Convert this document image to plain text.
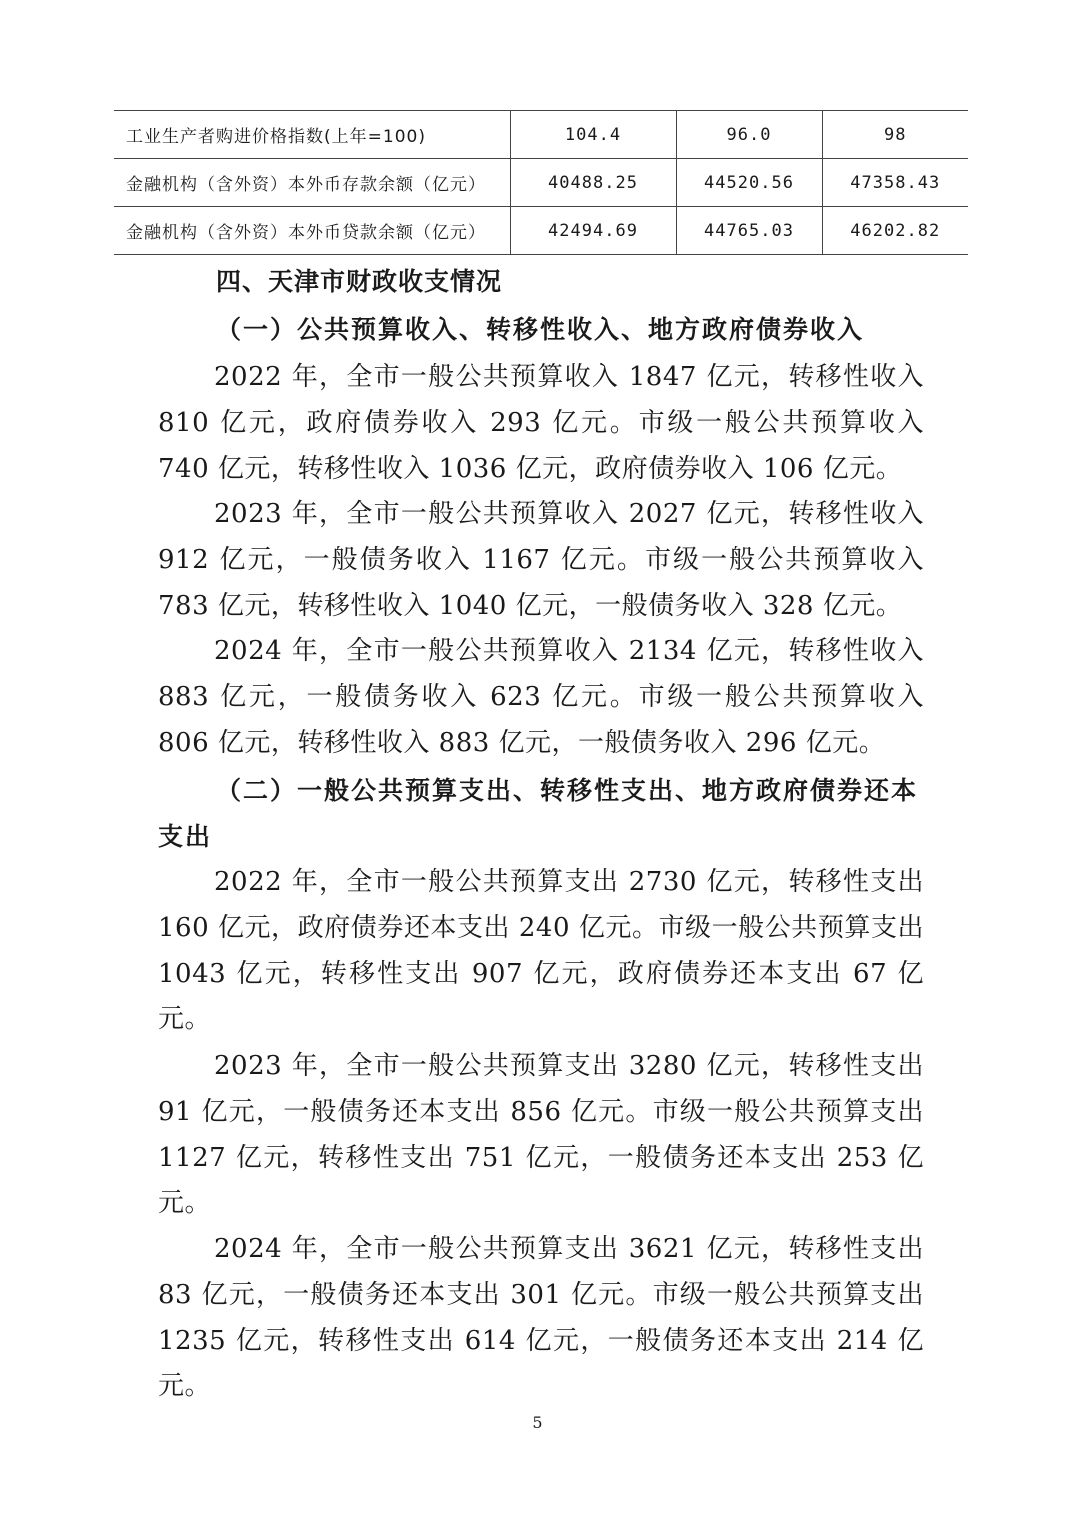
工业生产者购进价格指数(上年=100)	104.4	96.0	98
金融机构（含外资）本外币存款余额（亿元）	40488.25	44520.56	47358.43
金融机构（含外资）本外币贷款余额（亿元）	42494.69	44765.03	46202.82
四、天津市财政收支情况
（一）公共预算收入、转移性收入、地方政府债券收入

2022 年，全市一般公共预算收入 1847 亿元，转移性收入 810 亿元，政府债券收入 293 亿元。市级一般公共预算收入 740 亿元，转移性收入 1036 亿元，政府债券收入 106 亿元。

2023 年，全市一般公共预算收入 2027 亿元，转移性收入 912 亿元，一般债务收入 1167 亿元。市级一般公共预算收入 783 亿元，转移性收入 1040 亿元，一般债务收入 328 亿元。

2024 年，全市一般公共预算收入 2134 亿元，转移性收入 883 亿元，一般债务收入 623 亿元。市级一般公共预算收入 806 亿元，转移性收入 883 亿元，一般债务收入 296 亿元。

（二）一般公共预算支出、转移性支出、地方政府债券还本支出

2022 年，全市一般公共预算支出 2730 亿元，转移性支出 160 亿元，政府债券还本支出 240 亿元。市级一般公共预算支出 1043 亿元，转移性支出 907 亿元，政府债券还本支出 67 亿元。

2023 年，全市一般公共预算支出 3280 亿元，转移性支出 91 亿元，一般债务还本支出 856 亿元。市级一般公共预算支出 1127 亿元，转移性支出 751 亿元，一般债务还本支出 253 亿元。

2024 年，全市一般公共预算支出 3621 亿元，转移性支出 83 亿元，一般债务还本支出 301 亿元。市级一般公共预算支出 1235 亿元，转移性支出 614 亿元，一般债务还本支出 214 亿元。

5
